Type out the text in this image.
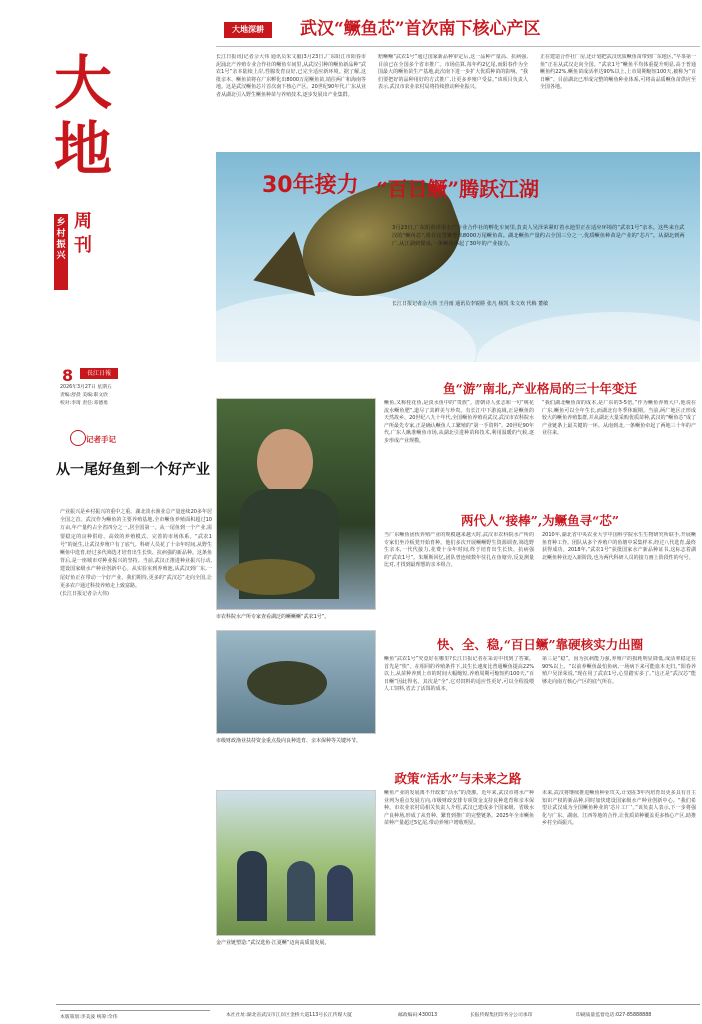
大
地
乡村振兴
周刊
8	長江日報
2026年3月27日 星期五
责编:舒晨 美编:职文欣
校对:李琦 责任:邓德勇
记者手记
从一尾好鱼到一个好产业
产业振兴是乡村振兴的重中之重。湖北淡水渔业总产量连续20多年居全国之首。武汉作为鳜鱼的主要养殖基地,全市鳜鱼养殖面积超过10万亩,年产量约占全省四分之一,居全国第一。从一尾鱼到一个产业,需要稳定的良种供给、高效的养殖模式、完善的市场体系。“武农1号”的诞生,让武汉养殖户有了底气。科研人员花了十余年时间,从野生鳜鱼中选育,经过多代筛选才培育出生长快、抗病强的新品种。这条鱼背后,是一座城市对种业振兴的坚持。当前,武汉正推进种业振兴行动,建设国家级水产种业创新中心。从实验室到养殖池,从武汉到广东,一尾好鱼正在带动一个好产业。我们期待,更多的“武汉芯”走向全国,让更多农户通过科技养殖走上致富路。
(长江日报记者佘大伟)
本版策划:李美波 统筹:佘伟
大地深耕	武汉“鳜鱼芯”首次南下核心产区
长江日报讯(记者佘大伟 通讯员朱文毅)3月23日,广东阳江市阳春市泥涌北产养殖专业合作社的鳜鱼车间里,从武汉引种的鳜鱼新品种“武农1号”亲本陆续上岸,性腺发育良好,已完全适应新环境。据了解,这批亲本、鳜鱼苗将在广东孵化出8000万尾鳜鱼苗,销往两广和海南等地。这是武汉鳜鱼芯片首次南下核心产区。20世纪90年代,广东从业者从湖北引入野生鳜鱼种苗与养殖技术,逐步发展出产业集群。
赔鳜鳜“武农1号”通过国家新品种审定后,这一品种产量高、抗病强,目前已在全国多个省市推广。市场估算,每年约2亿尾,而阳春作为全国最大的鳜鱼苗生产基地,此次南下进一步扩大优质种苗的影响。“我们要把好的品种用好的方式推广,让更多养殖户受益。”该项目负责人表示,武汉市农业农村局将持续推动种业振兴。
正在建造合作社厂房,还计划把武汉优质鳜鱼苗带到广东地区,“早茶第一鱼”正在从武汉走向全国。“武农1号”鳜鱼平均体重提升明显,高于普通鳜鱼约22%,鳜鱼苗成活率达90%以上,上市周期缩短100天,被称为“百日鳜”。目前湖北已形成完整的鳜鱼种业体系,可将高品质鳜鱼苗供应至全国各地。
30年接力 “百日鳜”腾跃江湖
3月23日,广东阳春泽渠水产专业合作社的孵化车间里,負责人吴泽荣紧盯着水池里正在适应环境的“武农1号”亲本。这些来自武汉的“鳜鱼芯”,将在这里繁育出8000万尾鳜鱼苗。湖北鳜鱼产量约占全国三分之一,优质鳜鱼种苗是产业的“芯片”。从湖北到两广,从江湖到餐桌,一条鳜鱼串起了30年的产业接力。
长江日报记者佘大伟 王丹雨 通讯员李锐勝 张凡 杨凯 朱文欢 代梅 董敏
鱼“游”南北,产业格局的三十年变迁
市农科院水产所专家查看湖泛的鳜鳜鳜“武农1号”。
鳜鱼,又称桂花鱼,是淡水鱼中的“贵族”。唐朝诗人张志和一句“桃花流水鳜鱼肥”,道尽了其鲜美与珍贵。有长江中下游流域,正是鳜鱼的天然故乡。20世纪八九十年代,全国鳜鱼养殖看武汉,武汉市农科院水产所最先专家,正是确认鳜鱼人工繁殖的“第一手资料”。20世纪90年代,广东人瞅准鳜鱼市场,从湖北引进种苗和技术,利用温暖的气候,逐步形成产业规模。
“我们湖北鳜鱼苗的成本,是广东的3-5倍。”作为鳜鱼养殖大户,他说在广东,鳜鱼可以全年生长,而湖北有冬季休眠期。当前,两广地区正形成较大的鳜鱼养殖集群,并从湖北大量采购优质苗种,武汉的“鳜鱼芯”成了产业链条上最关键的一环。从南到北,一条鳜鱼牵起了两地三十年的产业往来。
两代人“接棒”,为鳜鱼寻“芯”
当广东鳜鱼团伙养殖产业的规模越来越大时,武汉市农科院水产所的专家们坐冷板凳开始育种。他们多次开展鳜鳜野生资源调查,筛选野生亲本,一代代接力,花费十余年时间,终于培育出生长快、抗病强的“武农1号”。朱顺斯回忆,团队曾连续数年驻扎在鱼塘旁,反复测量比对,才找到最理想的亲本组合。
2010年,湖北省中央农业大学中国科学院水生生物研究所联手,开展鳜鱼育种工作。团队从多个养殖户的鱼塘中采集样本,经过八代选育,最终获得成功。2018年,“武农1号”获批国家水产新品种证书,这标志着湖北鳜鱼种业迈入新阶段,也为两代科研人员的接力画上阶段性的句号。
市级财政渔业扶持资金重点投向良种选育、亲本保种等关键环节。
快、全、稳,“百日鳜”靠硬核实力出圈
鳜鱼“武农1号”究竟好在哪里?长江日报记者在采访中找到了答案。首先是“快”。在相同的养殖条件下,其生长速度比普通鳜鱼提高22%以上,从苗种养到上市的时间大幅缩短,养殖周期可缩短约100天,“百日鳜”因此得名。其次是“全”,它对饲料的适应性更好,可以全程投喂人工饲料,省去了活饵的成本。
第三是“稳”。因为抗病能力强,养殖户的损耗明显降低,成活率稳定在90%以上。“以前养鳜鱼最怕鱼病,一场病下来可能血本无归。”阳春养殖户吴泽荣说,“现在用了武农1号,心里踏实多了。”这正是“武汉芯”能够走向南方核心产区的底气所在。
政策“活水”与未来之路
金产业链塑造:“武汉选鱼·江夏鳜”迈向高质量发展。
鳜鱼产业的发展离不开政策“活水”的浇灌。近年来,武汉市将水产种业列为重点发展方向,市级财政安排专项资金支持良种选育和亲本保种。市农业农村局相关负责人介绍,武汉已建成多个国家级、省级水产良种场,形成了从育种、繁育到推广的完整链条。2025年全市鳜鱼苗种产量超过5亿尾,带动养殖户增收明显。
未来,武汉将继续推进鳜鱼种业攻关,计划在3年内培育出更多具有自主知识产权的新品种,同时加快建设国家级水产种业创新中心。“我们希望让武汉成为全国鳜鱼种业的‘芯片工厂’。”该负责人表示,下一步将强化与广东、湖南、江西等地的合作,让优质苗种覆盖更多核心产区,助推乡村全面振兴。
本社社址:湖北省武汉市江岸区金桥大道113号长江传媒大厦	邮政编码:430013	长报传媒集团印务分公司承印	印刷质量监督电话:027-85888888
